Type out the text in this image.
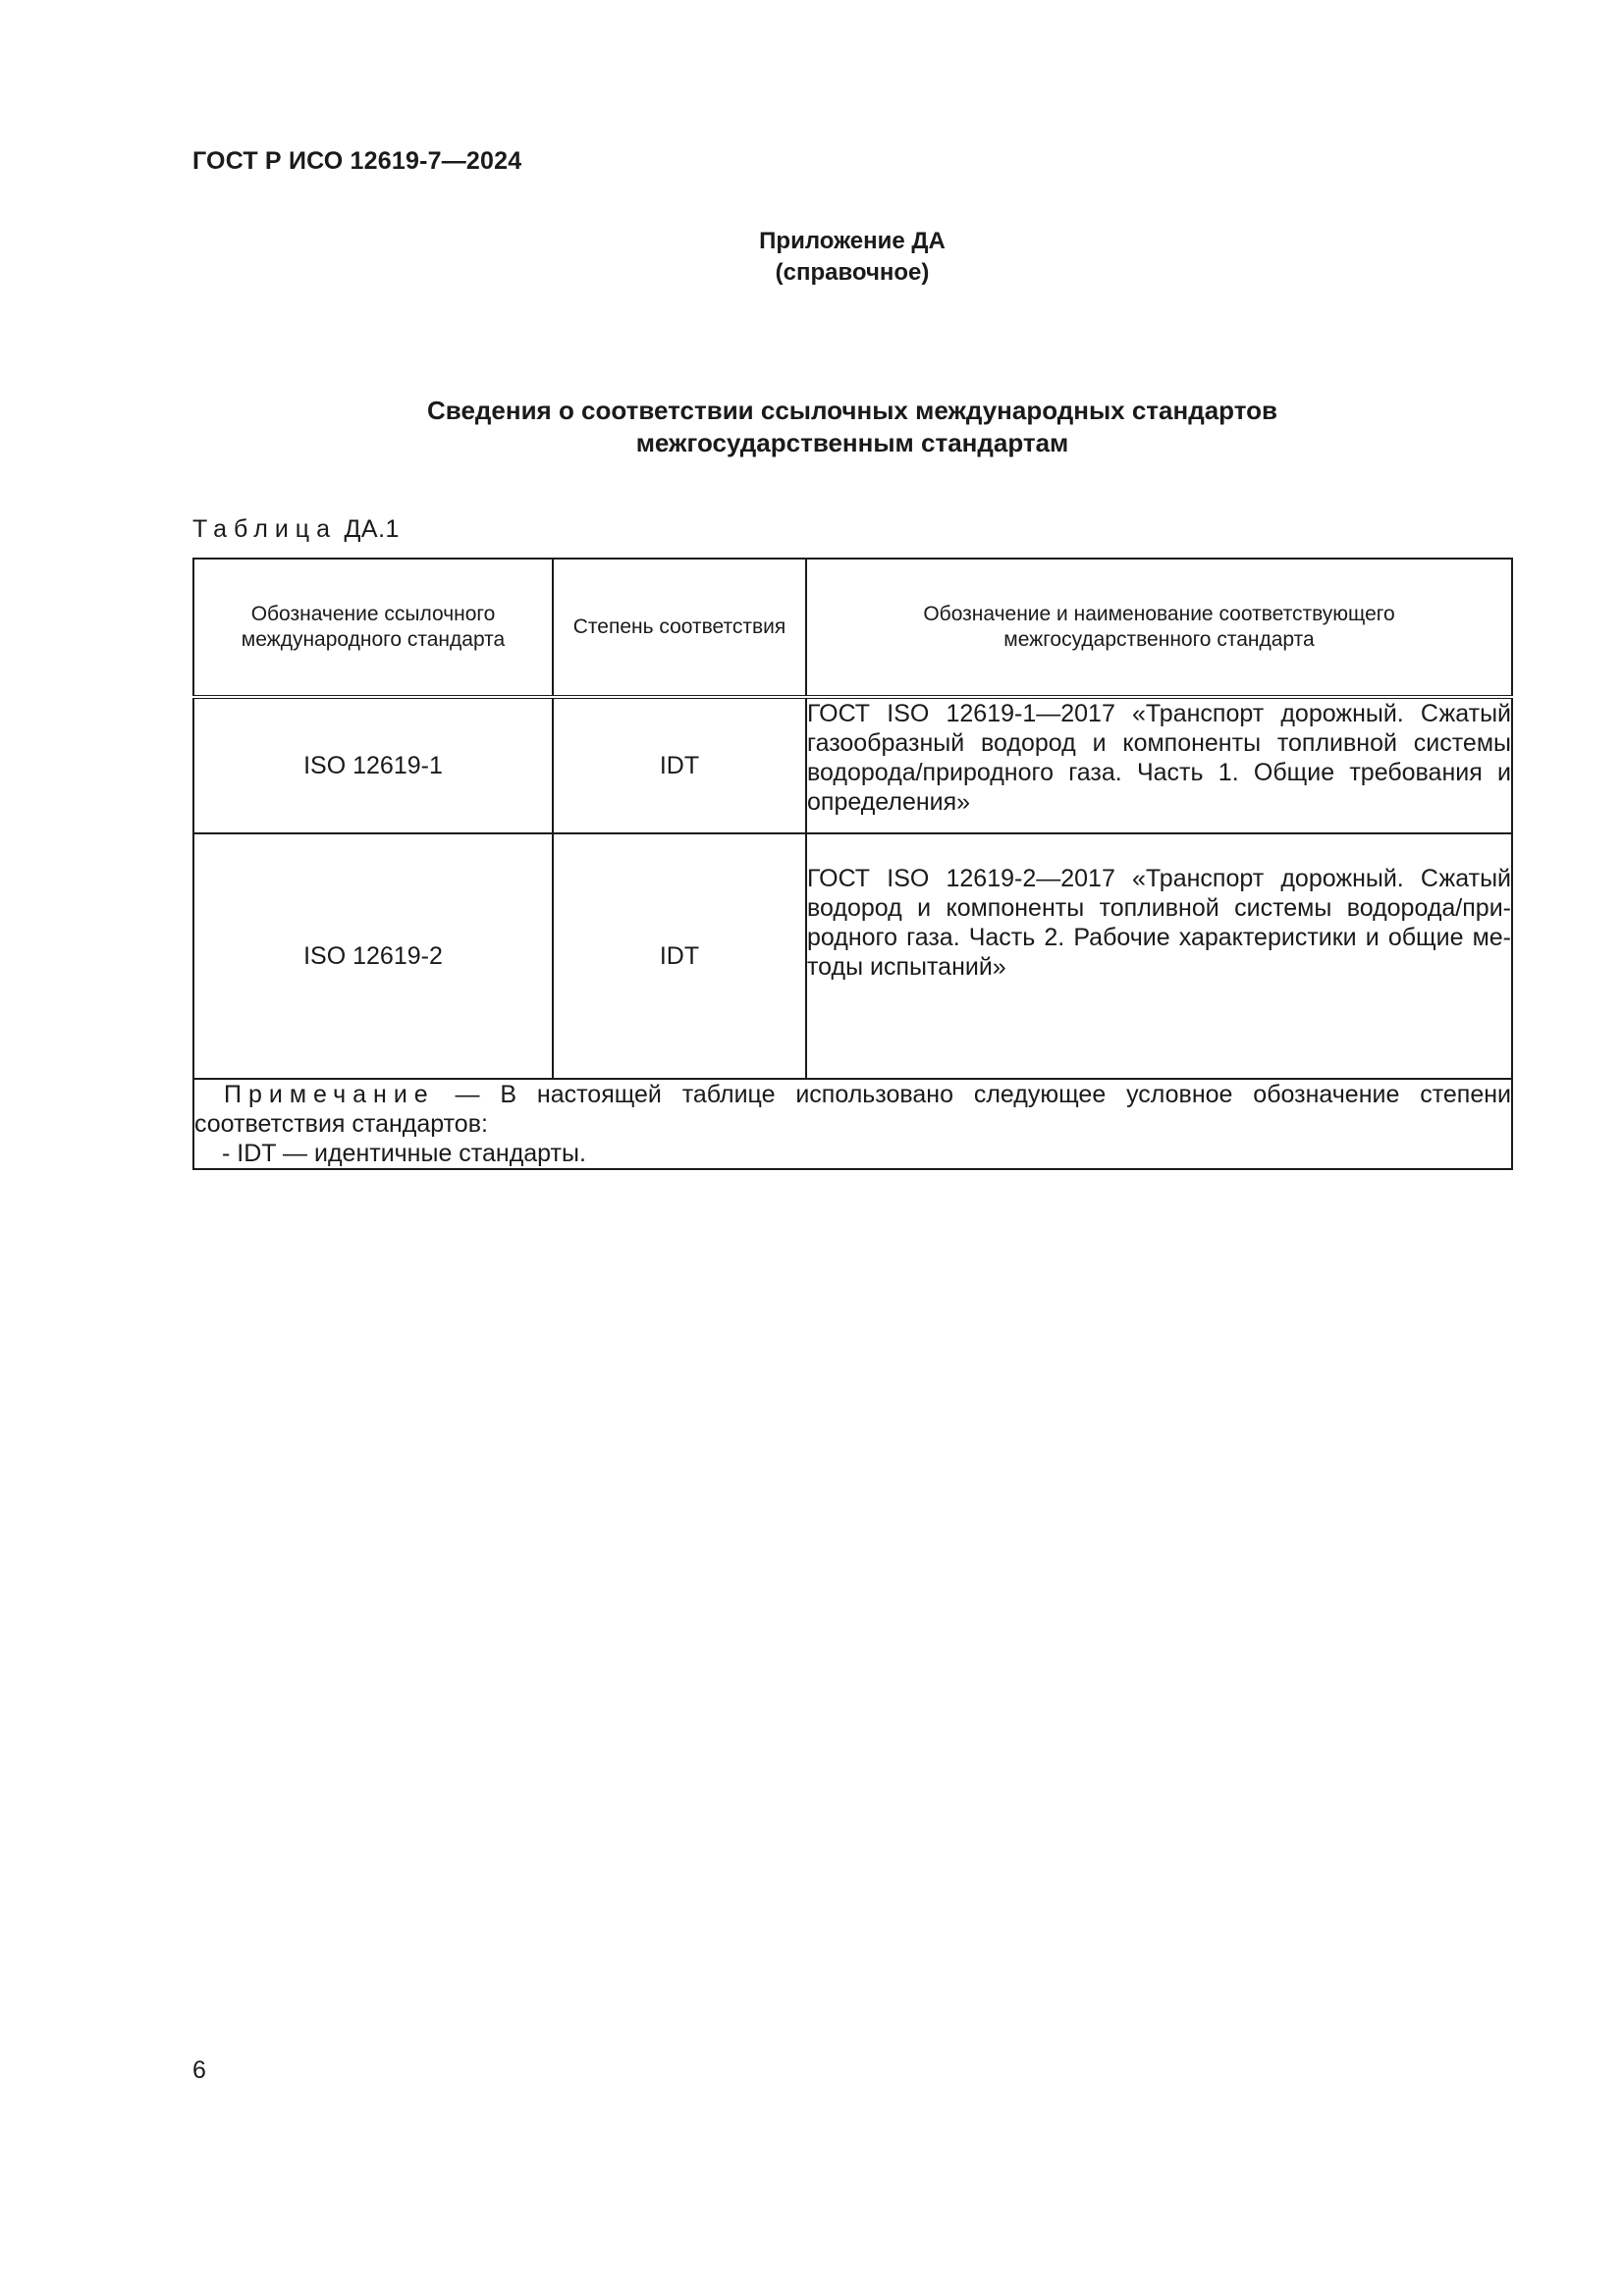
ГОСТ Р ИСО 12619-7—2024
Приложение ДА
(справочное)
Сведения о соответствии ссылочных международных стандартов
межгосударственным стандартам
Таблица ДА.1
Обозначение ссылочного международного стандарта	Степень соответствия	Обозначение и наименование соответствующего межгосударственного стандарта
ISO 12619-1	IDT	ГОСТ ISO 12619-1—2017 «Транспорт дорожный. Сжатый газообразный водород и компоненты топливной системы водорода/природного газа. Часть 1. Общие требования и определения»
ISO 12619-2	IDT	ГОСТ ISO 12619-2—2017 «Транспорт дорожный. Сжатый водород и компоненты топливной системы водорода/природного газа. Часть 2. Рабочие характеристики и общие методы испытаний»

Примечание — В настоящей таблице использовано следующее условное обозначение степени соответствия стандартов:
- IDT — идентичные стандарты.		
6
